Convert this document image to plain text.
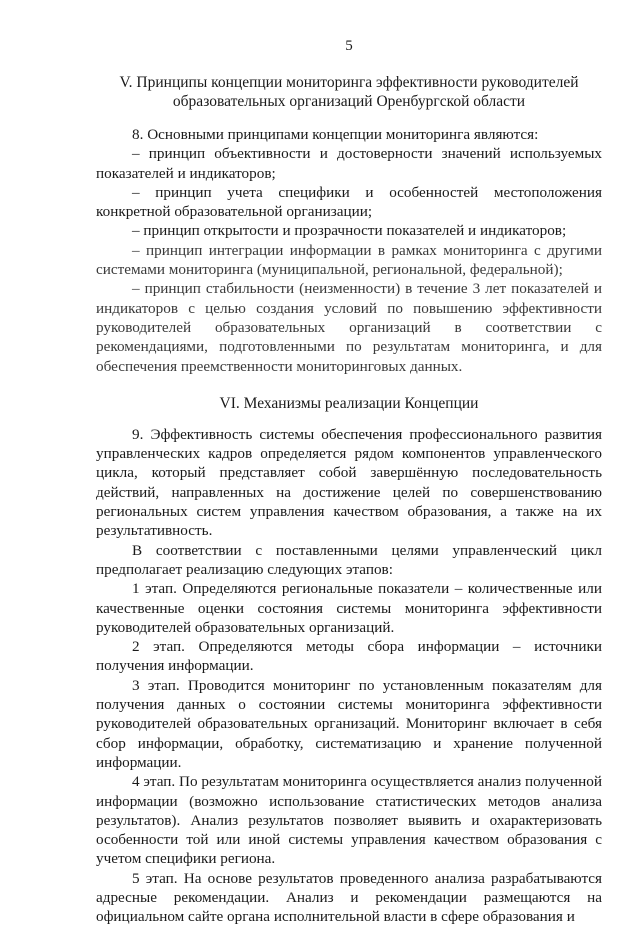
5
V. Принципы концепции мониторинга эффективности руководителей
образовательных организаций Оренбургской области

8. Основными принципами концепции мониторинга являются:

– принцип объективности и достоверности значений используемых показателей и индикаторов;

– принцип учета специфики и особенностей местоположения конкретной образовательной организации;

– принцип открытости и прозрачности показателей и индикаторов;

– принцип интеграции информации в рамках мониторинга с другими системами мониторинга (муниципальной, региональной, федеральной);

– принцип стабильности (неизменности) в течение 3 лет показателей и индикаторов с целью создания условий по повышению эффективности руководителей образовательных организаций в соответствии с рекомендациями, подготовленными по результатам мониторинга, и для обеспечения преемственности мониторинговых данных.

VI. Механизмы реализации Концепции

9. Эффективность системы обеспечения профессионального развития управленческих кадров определяется рядом компонентов управленческого цикла, который представляет собой завершённую последовательность действий, направленных на достижение целей по совершенствованию региональных систем управления качеством образования, а также на их результативность.

В соответствии с поставленными целями управленческий цикл предполагает реализацию следующих этапов:

1 этап. Определяются региональные показатели – количественные или качественные оценки состояния системы мониторинга эффективности руководителей образовательных организаций.

2 этап. Определяются методы сбора информации – источники получения информации.

3 этап. Проводится мониторинг по установленным показателям для получения данных о состоянии системы мониторинга эффективности руководителей образовательных организаций. Мониторинг включает в себя сбор информации, обработку, систематизацию и хранение полученной информации.

4 этап. По результатам мониторинга осуществляется анализ полученной информации (возможно использование статистических методов анализа результатов). Анализ результатов позволяет выявить и охарактеризовать особенности той или иной системы управления качеством образования с учетом специфики региона.

5 этап. На основе результатов проведенного анализа разрабатываются адресные рекомендации. Анализ и рекомендации размещаются на официальном сайте органа исполнительной власти в сфере образования и
